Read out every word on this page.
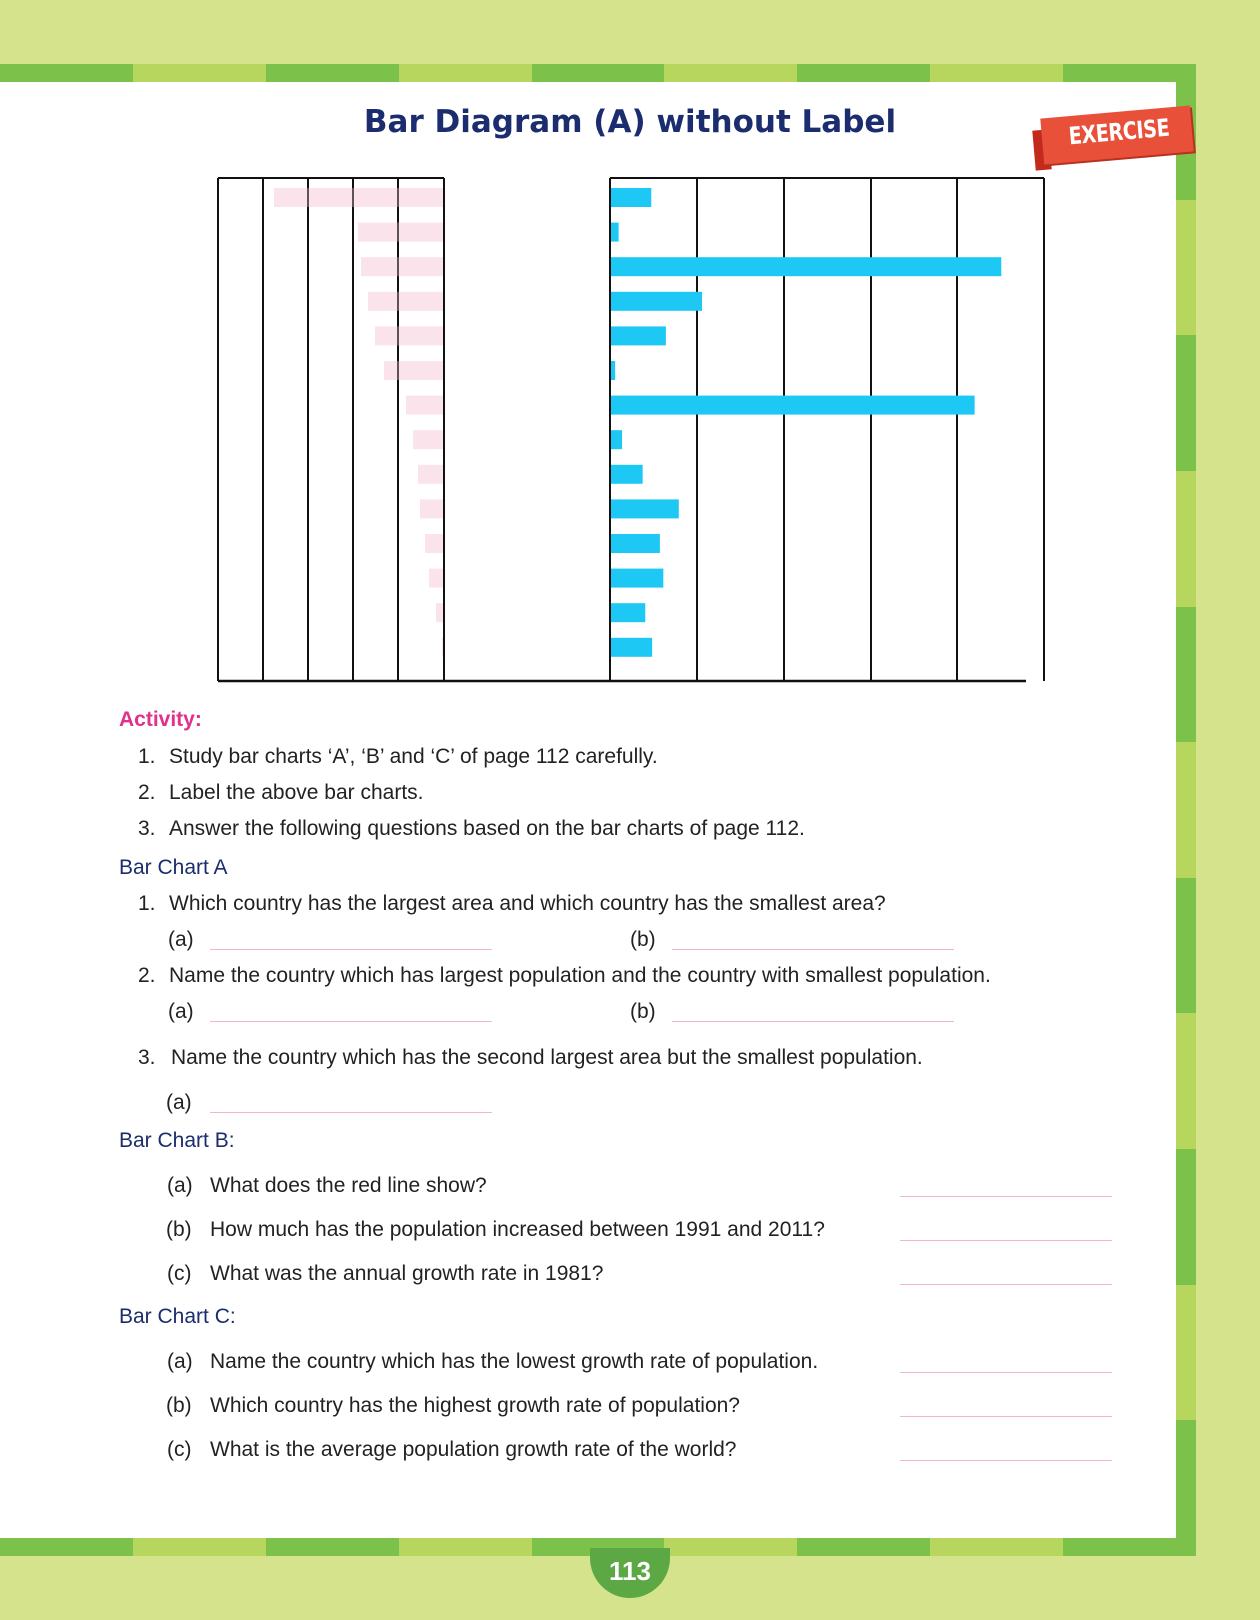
Bar Diagram (A) without Label	EXERCISE
Activity:
1. Study bar charts ‘A’, ‘B’ and ‘C’ of page 112 carefully.
2. Label the above bar charts.
3. Answer the following questions based on the bar charts of page 112.
Bar Chart A
1. Which country has the largest area and which country has the smallest area?
(a)	(b)
2. Name the country which has largest population and the country with smallest population.
(a)	(b)
3. Name the country which has the second largest area but the smallest population.
(a)
Bar Chart B:
(a) What does the red line show?
(b) How much has the population increased between 1991 and 2011?
(c) What was the annual growth rate in 1981?
Bar Chart C:
(a) Name the country which has the lowest growth rate of population.
(b) Which country has the highest growth rate of population?
(c) What is the average population growth rate of the world?
113
